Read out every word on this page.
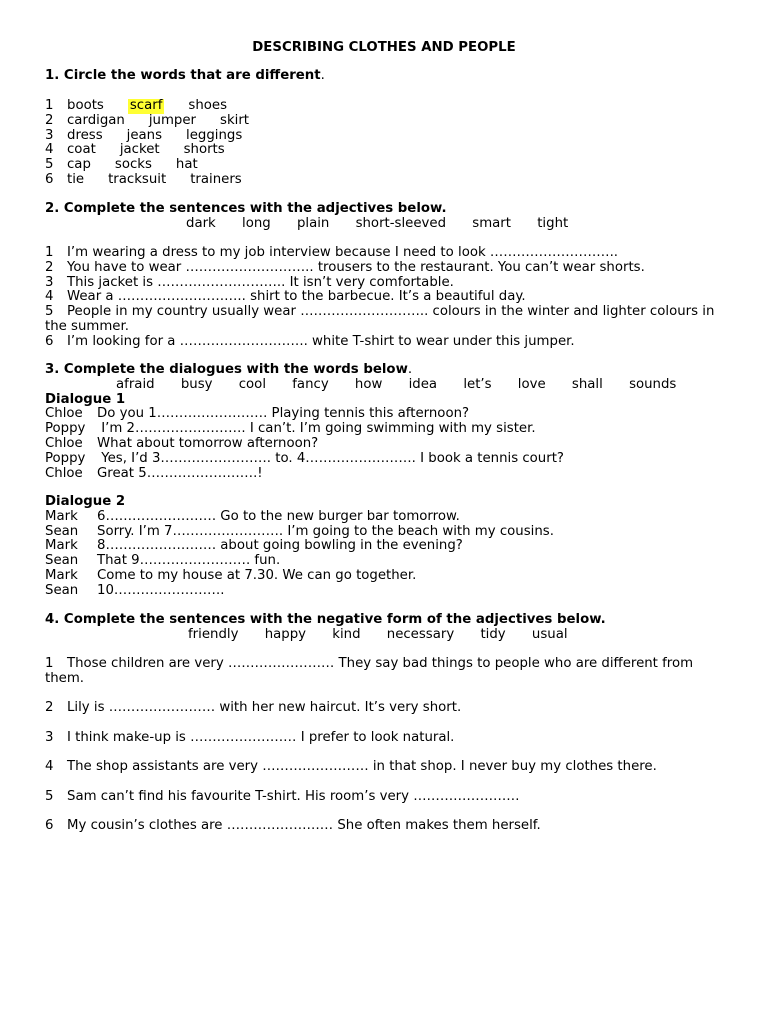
DESCRIBING CLOTHES AND PEOPLE
1. Circle the words that are different.
1 boots scarf shoes
2 cardigan jumper skirt
3 dress jeans leggings
4 coat jacket shorts
5 cap socks hat
6 tie tracksuit trainers
2. Complete the sentences with the adjectives below.
dark long plain short-sleeved smart tight
1 I’m wearing a dress to my job interview because I need to look ………………………..
2 You have to wear ……………………….. trousers to the restaurant. You can’t wear shorts.
3 This jacket is ……………………….. It isn’t very comfortable.
4 Wear a ……………………….. shirt to the barbecue. It’s a beautiful day.
5 People in my country usually wear ……………………….. colours in the winter and lighter colours in the summer.
6 I’m looking for a ……………………….. white T-shirt to wear under this jumper.
3. Complete the dialogues with the words below.
afraid busy cool fancy how idea let’s love shall sounds
Dialogue 1
Chloe Do you 1……………………. Playing tennis this afternoon?
Poppy I’m 2……………………. I can’t. I’m going swimming with my sister.
Chloe What about tomorrow afternoon?
Poppy Yes, I’d 3……………………. to. 4……………………. I book a tennis court?
Chloe Great 5…………………….!
Dialogue 2
Mark 6……………………. Go to the new burger bar tomorrow.
Sean Sorry. I’m 7……………………. I’m going to the beach with my cousins.
Mark 8……………………. about going bowling in the evening?
Sean That 9……………………. fun.
Mark Come to my house at 7.30. We can go together.
Sean 10…………………….
4. Complete the sentences with the negative form of the adjectives below.
friendly happy kind necessary tidy usual
1 Those children are very …………………… They say bad things to people who are different from them.
2 Lily is …………………… with her new haircut. It’s very short.
3 I think make-up is …………………… I prefer to look natural.
4 The shop assistants are very …………………… in that shop. I never buy my clothes there.
5 Sam can’t find his favourite T-shirt. His room’s very ……………………
6 My cousin’s clothes are …………………… She often makes them herself.
